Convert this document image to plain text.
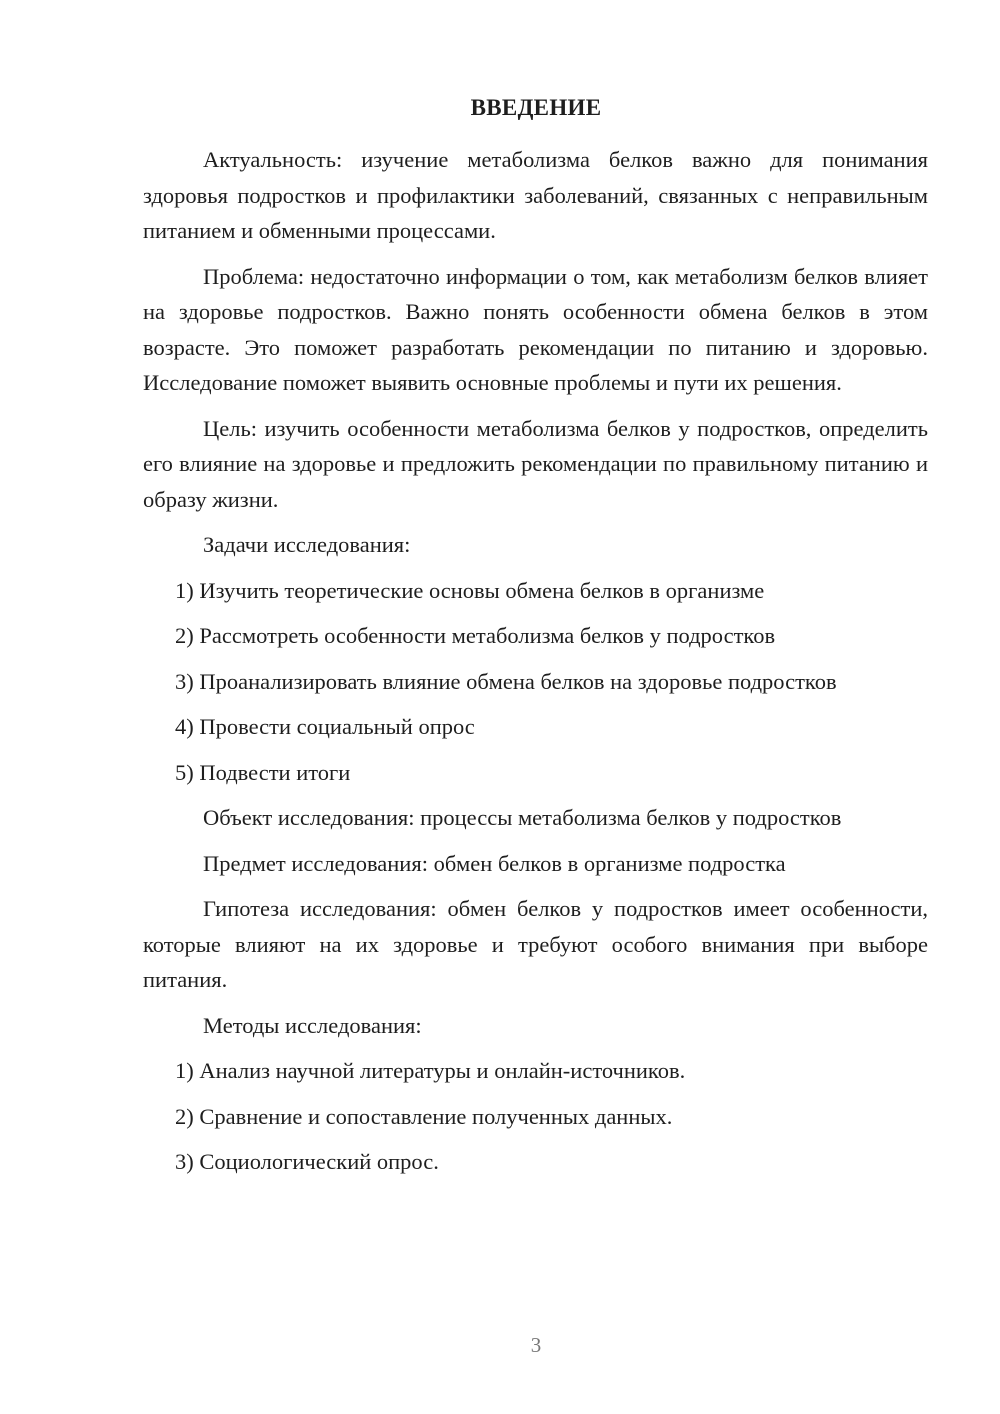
ВВЕДЕНИЕ

Актуальность: изучение метаболизма белков важно для понимания здоровья подростков и профилактики заболеваний, связанных с неправильным питанием и обменными процессами.

Проблема: недостаточно информации о том, как метаболизм белков влияет на здоровье подростков. Важно понять особенности обмена белков в этом возрасте. Это поможет разработать рекомендации по питанию и здоровью. Исследование поможет выявить основные проблемы и пути их решения.

Цель: изучить особенности метаболизма белков у подростков, определить его влияние на здоровье и предложить рекомендации по правильному питанию и образу жизни.

Задачи исследования:

1) Изучить теоретические основы обмена белков в организме

2) Рассмотреть особенности метаболизма белков у подростков

3) Проанализировать влияние обмена белков на здоровье подростков

4) Провести социальный опрос

5) Подвести итоги

Объект исследования: процессы метаболизма белков у подростков

Предмет исследования: обмен белков в организме подростка

Гипотеза исследования: обмен белков у подростков имеет особенности, которые влияют на их здоровье и требуют особого внимания при выборе питания.

Методы исследования:

1) Анализ научной литературы и онлайн-источников.

2) Сравнение и сопоставление полученных данных.

3) Социологический опрос.

3
